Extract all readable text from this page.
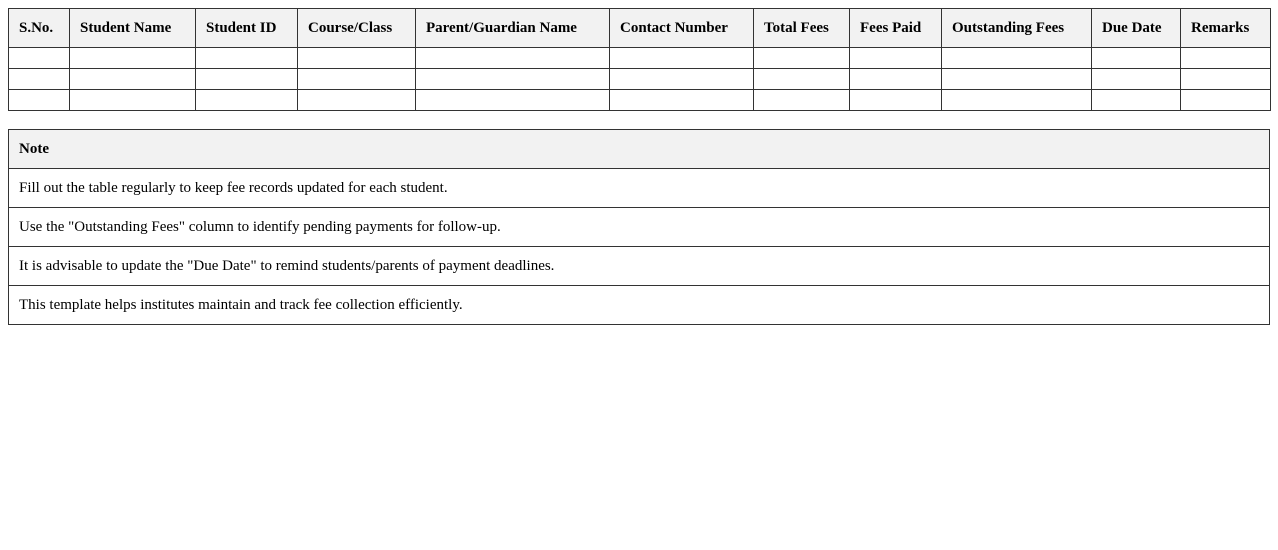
S.No.	Student Name	Student ID	Course/Class	Parent/Guardian Name	Contact Number	Total Fees	Fees Paid	Outstanding Fees	Due Date	Remarks

Note
Fill out the table regularly to keep fee records updated for each student.
Use the "Outstanding Fees" column to identify pending payments for follow-up.
It is advisable to update the "Due Date" to remind students/parents of payment deadlines.
This template helps institutes maintain and track fee collection efficiently.
